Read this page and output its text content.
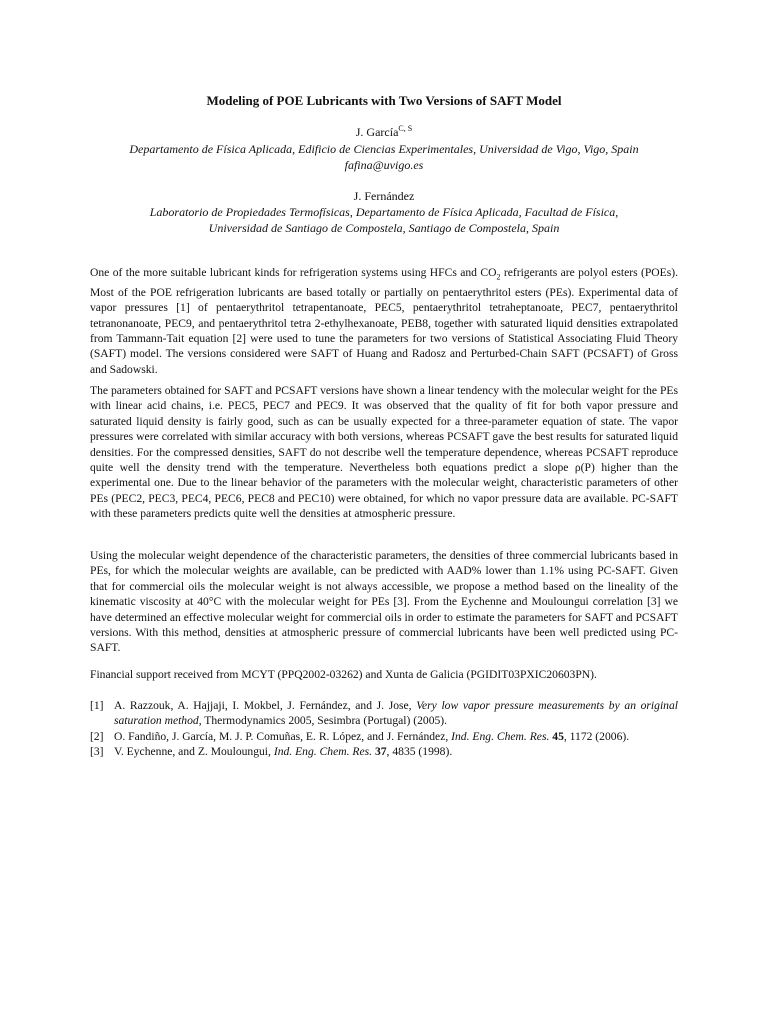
Modeling of POE Lubricants with Two Versions of SAFT Model
J. García$^{C, S}$
Departamento de Física Aplicada, Edificio de Ciencias Experimentales, Universidad de Vigo, Vigo, Spain
fafina@uvigo.es
J. Fernández
Laboratorio de Propiedades Termofísicas, Departamento de Física Aplicada, Facultad de Física,
Universidad de Santiago de Compostela, Santiago de Compostela, Spain

One of the more suitable lubricant kinds for refrigeration systems using HFCs and $CO_2$ refrigerants are polyol esters (POEs). Most of the POE refrigeration lubricants are based totally or partially on pentaerythritol esters (PEs). Experimental data of vapor pressures [1] of pentaerythritol tetrapentanoate, PEC5, pentaerythritol tetraheptanoate, PEC7, pentaerythritol tetranonanoate, PEC9, and pentaerythritol tetra 2-ethylhexanoate, PEB8, together with saturated liquid densities extrapolated from Tammann-Tait equation [2] were used to tune the parameters for two versions of Statistical Associating Fluid Theory (SAFT) model. The versions considered were SAFT of Huang and Radosz and Perturbed-Chain SAFT (PCSAFT) of Gross and Sadowski.

The parameters obtained for SAFT and PCSAFT versions have shown a linear tendency with the molecular weight for the PEs with linear acid chains, i.e. PEC5, PEC7 and PEC9. It was observed that the quality of fit for both vapor pressure and saturated liquid density is fairly good, such as can be usually expected for a three-parameter equation of state. The vapor pressures were correlated with similar accuracy with both versions, whereas PCSAFT gave the best results for saturated liquid densities. For the compressed densities, SAFT do not describe well the temperature dependence, whereas PCSAFT reproduce quite well the density trend with the temperature. Nevertheless both equations predict a slope ρ(P) higher than the experimental one. Due to the linear behavior of the parameters with the molecular weight, characteristic parameters of other PEs (PEC2, PEC3, PEC4, PEC6, PEC8 and PEC10) were obtained, for which no vapor pressure data are available. PC-SAFT with these parameters predicts quite well the densities at atmospheric pressure.

Using the molecular weight dependence of the characteristic parameters, the densities of three commercial lubricants based in PEs, for which the molecular weights are available, can be predicted with AAD% lower than 1.1% using PC-SAFT. Given that for commercial oils the molecular weight is not always accessible, we propose a method based on the lineality of the kinematic viscosity at 40°C with the molecular weight for PEs [3]. From the Eychenne and Mouloungui correlation [3] we have determined an effective molecular weight for commercial oils in order to estimate the parameters for SAFT and PCSAFT versions. With this method, densities at atmospheric pressure of commercial lubricants have been well predicted using PC-SAFT.

Financial support received from MCYT (PPQ2002-03262) and Xunta de Galicia (PGIDIT03PXIC20603PN).

[1] A. Razzouk, A. Hajjaji, I. Mokbel, J. Fernández, and J. Jose, Very low vapor pressure measurements by an original saturation method, Thermodynamics 2005, Sesimbra (Portugal) (2005).
[2] O. Fandiño, J. García, M. J. P. Comuñas, E. R. López, and J. Fernández, Ind. Eng. Chem. Res. 45, 1172 (2006).
[3] V. Eychenne, and Z. Mouloungui, Ind. Eng. Chem. Res. 37, 4835 (1998).
